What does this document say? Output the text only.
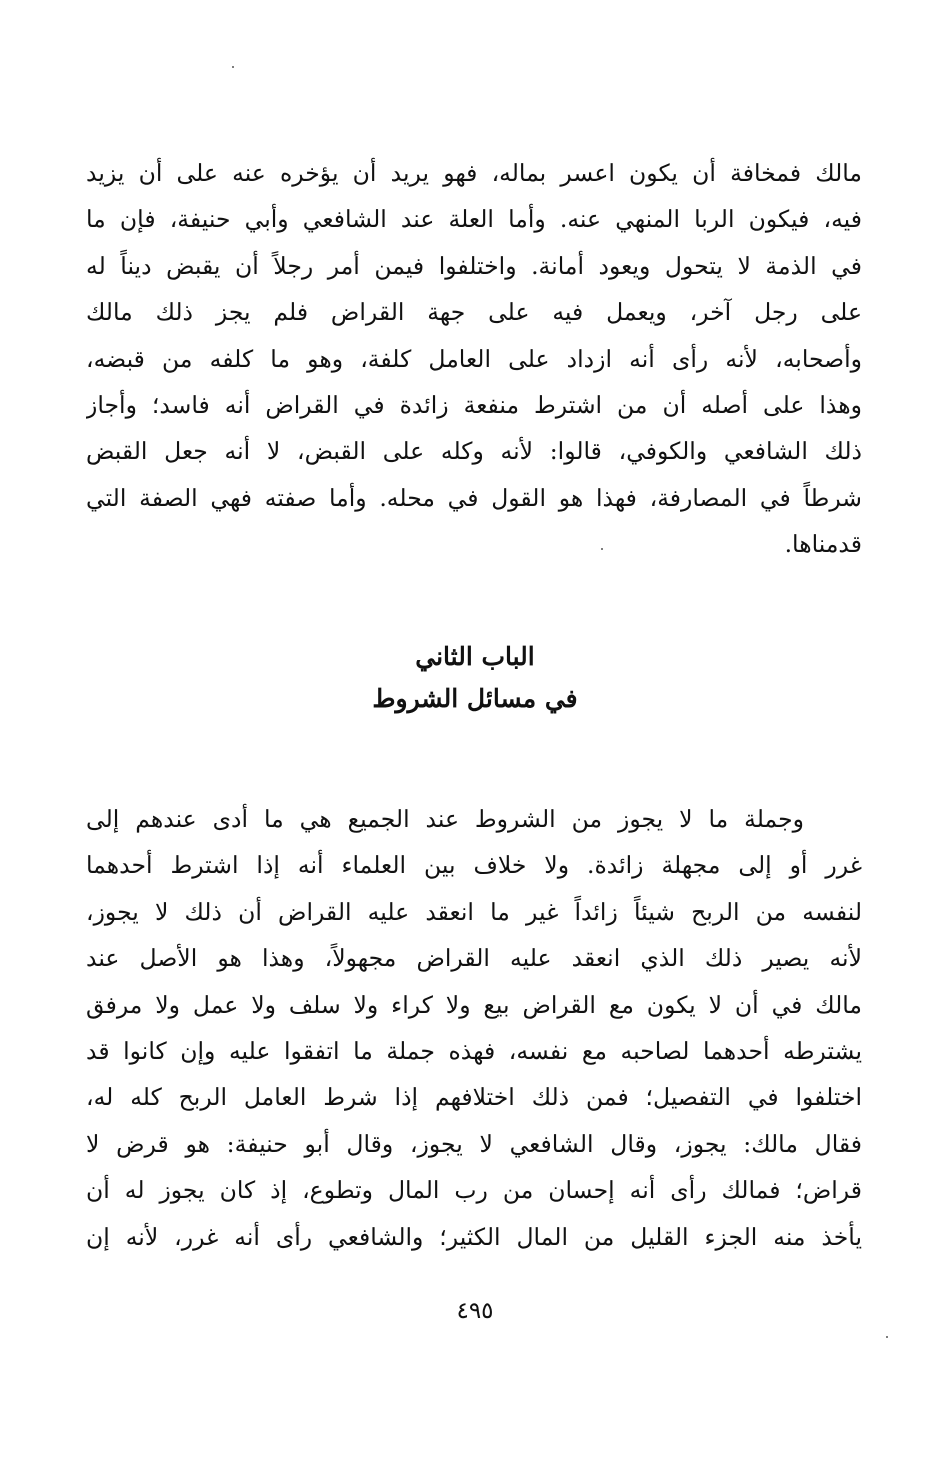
مالك فمخافة أن يكون اعسر بماله، فهو يريد أن يؤخره عنه على أن يزيد
فيه، فيكون الربا المنهي عنه. وأما العلة عند الشافعي وأبي حنيفة، فإن ما
في الذمة لا يتحول ويعود أمانة. واختلفوا فيمن أمر رجلاً أن يقبض ديناً له
على رجل آخر، ويعمل فيه على جهة القراض فلم يجز ذلك مالك
وأصحابه، لأنه رأى أنه ازداد على العامل كلفة، وهو ما كلفه من قبضه،
وهذا على أصله أن من اشترط منفعة زائدة في القراض أنه فاسد؛ وأجاز
ذلك الشافعي والكوفي، قالوا: لأنه وكله على القبض، لا أنه جعل القبض
شرطاً في المصارفة، فهذا هو القول في محله. وأما صفته فهي الصفة التي
قدمناها.
الباب الثاني
في مسائل الشروط
وجملة ما لا يجوز من الشروط عند الجميع هي ما أدى عندهم إلى
غرر أو إلى مجهلة زائدة. ولا خلاف بين العلماء أنه إذا اشترط أحدهما
لنفسه من الربح شيئاً زائداً غير ما انعقد عليه القراض أن ذلك لا يجوز،
لأنه يصير ذلك الذي انعقد عليه القراض مجهولاً، وهذا هو الأصل عند
مالك في أن لا يكون مع القراض بيع ولا كراء ولا سلف ولا عمل ولا مرفق
يشترطه أحدهما لصاحبه مع نفسه، فهذه جملة ما اتفقوا عليه وإن كانوا قد
اختلفوا في التفصيل؛ فمن ذلك اختلافهم إذا شرط العامل الربح كله له،
فقال مالك: يجوز، وقال الشافعي لا يجوز، وقال أبو حنيفة: هو قرض لا
قراض؛ فمالك رأى أنه إحسان من رب المال وتطوع، إذ كان يجوز له أن
يأخذ منه الجزء القليل من المال الكثير؛ والشافعي رأى أنه غرر، لأنه إن
٤٩٥
